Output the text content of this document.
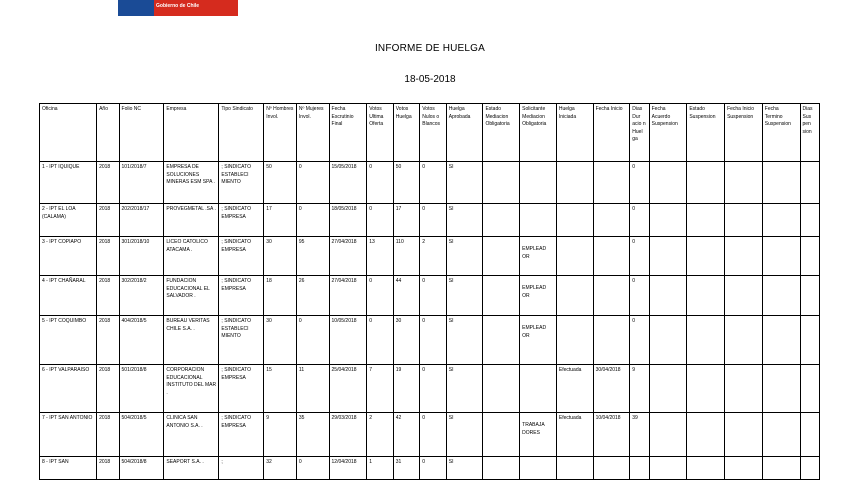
Gobierno de Chile
INFORME DE HUELGA
18-05-2018
Oficina	Año	Folio NC	Empresa	Tipo Sindicato	Nº Hombres Invol.	Nº Mujeres Invol.	Fecha Escrutinio Final	Votos Ultima Oferta	Votos Huelga	Votos Nulos o Blancos	Huelga Aprobada	Estado Mediacion Obligatoria	Solicitante Mediacion Obligatoria	Huelga Iniciada	Fecha Inicio	Dias Dur acio n Huel ga	Fecha Acuerdo Suspension	Estado Suspension	Fecha Inicio Suspension	Fecha Termino Suspension	Dias Sus pen sion
1 - IPT IQUIQUE	2018	101/2018/7	EMPRESA DE SOLUCIONES MINERAS ESM SPA .	; SINDICATO ESTABLECI MIENTO	50	0	15/05/2018	0	50	0	SI					0					
2 - IPT EL LOA (CALAMA)	2018	202/2018/17	PROVEGMETAL .SA .	; SINDICATO EMPRESA	17	0	18/05/2018	0	17	0	SI					0					
3 - IPT COPIAPO	2018	301/2018/10	LICEO CATOLICO ATACAMA .	; SINDICATO EMPRESA	30	95	27/04/2018	13	110	2	SI		EMPLEAD OR			0					
4 - IPT CHAÑARAL	2018	302/2018/2	FUNDACION EDUCACIONAL EL SALVADOR .	; SINDICATO EMPRESA	18	26	27/04/2018	0	44	0	SI		EMPLEAD OR			0					
5 - IPT COQUIMBO	2018	404/2018/5	BUREAU VERITAS CHILE S.A. .	; SINDICATO ESTABLECI MIENTO	30	0	10/05/2018	0	30	0	SI		EMPLEAD OR			0					
6 - IPT VALPARAISO	2018	501/2018/8	CORPORACION EDUCACIONAL INSTITUTO DEL MAR .	; SINDICATO EMPRESA	15	11	25/04/2018	7	19	0	SI			Efectuada	30/04/2018	9					
7 - IPT SAN ANTONIO	2018	504/2018/5	CLINICA SAN ANTONIO S.A. .	; SINDICATO EMPRESA	9	35	29/03/2018	2	42	0	SI		TRABAJA DORES	Efectuada	10/04/2018	39					
8 - IPT SAN	2018	504/2018/8	SEAPORT S.A. .	;	32	0	12/04/2018	1	31	0	SI										
